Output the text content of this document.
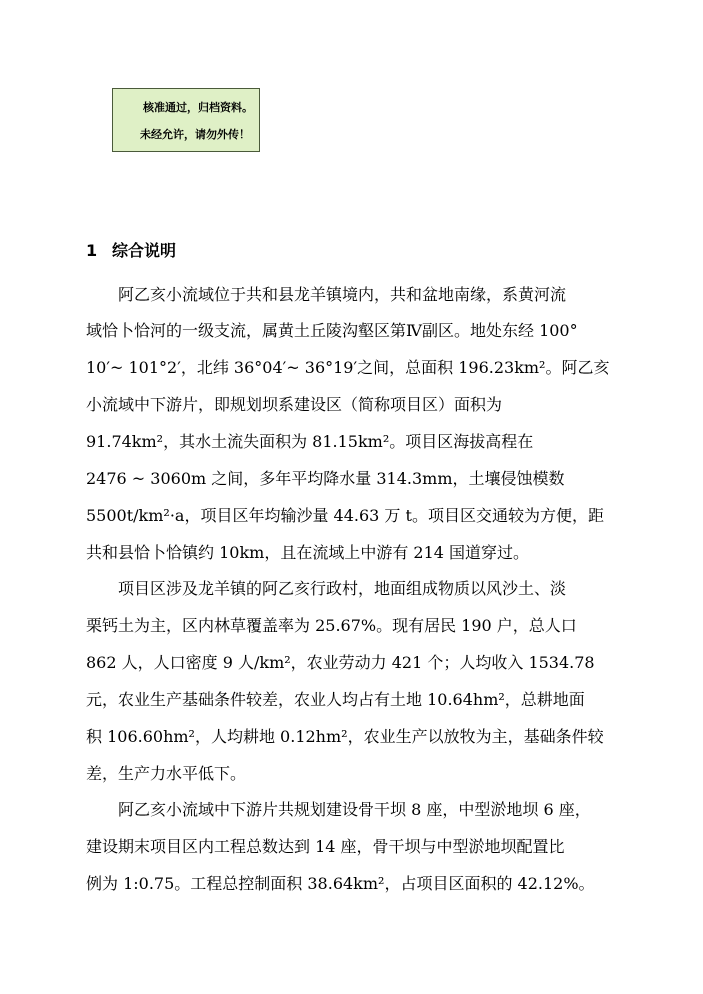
核准通过，归档资料。
未经允许，请勿外传！
1 综合说明
阿乙亥小流域位于共和县龙羊镇境内，共和盆地南缘，系黄河流
域恰卜恰河的一级支流，属黄土丘陵沟壑区第Ⅳ副区。地处东经 100°
10′~ 101°2′，北纬 36°04′~ 36°19′之间，总面积 196.23km²。阿乙亥
小流域中下游片，即规划坝系建设区（简称项目区）面积为
91.74km²，其水土流失面积为 81.15km²。项目区海拔高程在
2476 ~ 3060m 之间，多年平均降水量 314.3mm，土壤侵蚀模数
5500t/km²·a，项目区年均输沙量 44.63 万 t。项目区交通较为方便，距
共和县恰卜恰镇约 10km，且在流域上中游有 214 国道穿过。
项目区涉及龙羊镇的阿乙亥行政村，地面组成物质以风沙土、淡
栗钙土为主，区内林草覆盖率为 25.67%。现有居民 190 户，总人口
862 人，人口密度 9 人/km²，农业劳动力 421 个；人均收入 1534.78
元，农业生产基础条件较差，农业人均占有土地 10.64hm²，总耕地面
积 106.60hm²，人均耕地 0.12hm²，农业生产以放牧为主，基础条件较
差，生产力水平低下。
阿乙亥小流域中下游片共规划建设骨干坝 8 座，中型淤地坝 6 座，
建设期末项目区内工程总数达到 14 座，骨干坝与中型淤地坝配置比
例为 1:0.75。工程总控制面积 38.64km²，占项目区面积的 42.12%。
